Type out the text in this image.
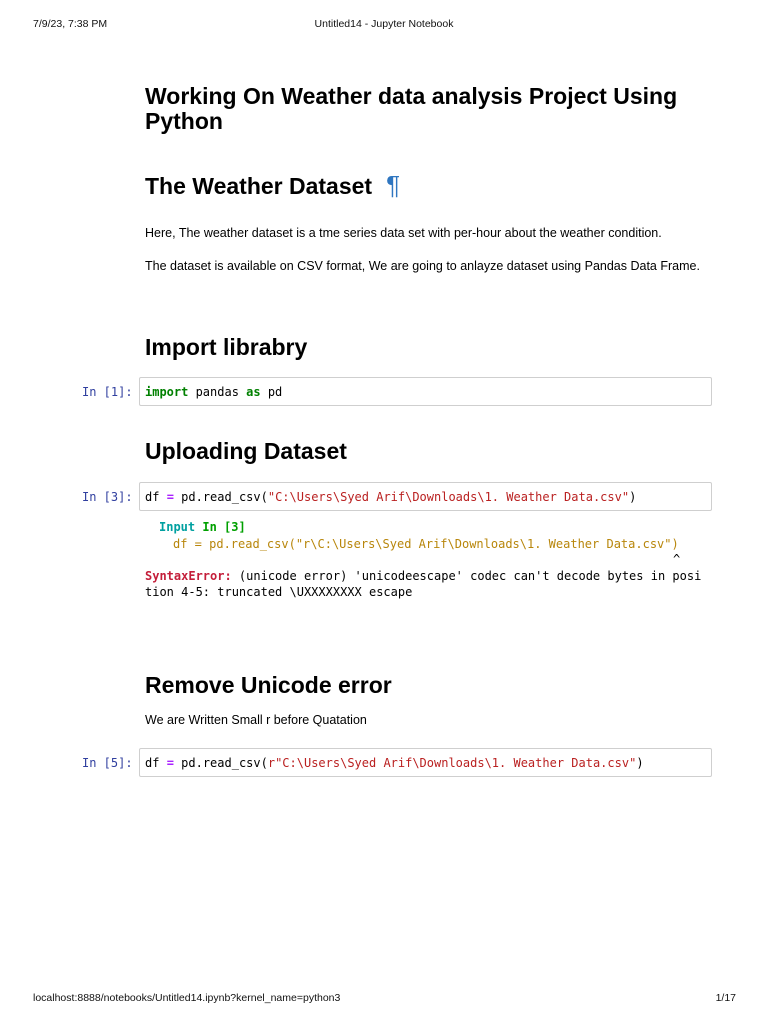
7/9/23, 7:38 PM	Untitled14 - Jupyter Notebook
Working On Weather data analysis Project Using Python
The Weather Dataset ¶

Here, The weather dataset is a tme series data set with per-hour about the weather condition.

The dataset is available on CSV format, We are going to anlayze dataset using Pandas Data Frame.

Import librabry
In [1]: import pandas as pd
Uploading Dataset
In [3]: df = pd.read_csv("C:\Users\Syed Arif\Downloads\1. Weather Data.csv")
Input In [3]
df = pd.read_csv("r\C:\Users\Syed Arif\Downloads\1. Weather Data.csv")
^
SyntaxError: (unicode error) 'unicodeescape' codec can't decode bytes in posi
tion 4-5: truncated \UXXXXXXXX escape
Remove Unicode error

We are Written Small r before Quatation

In [5]: df = pd.read_csv(r"C:\Users\Syed Arif\Downloads\1. Weather Data.csv")
localhost:8888/notebooks/Untitled14.ipynb?kernel_name=python3	1/17
